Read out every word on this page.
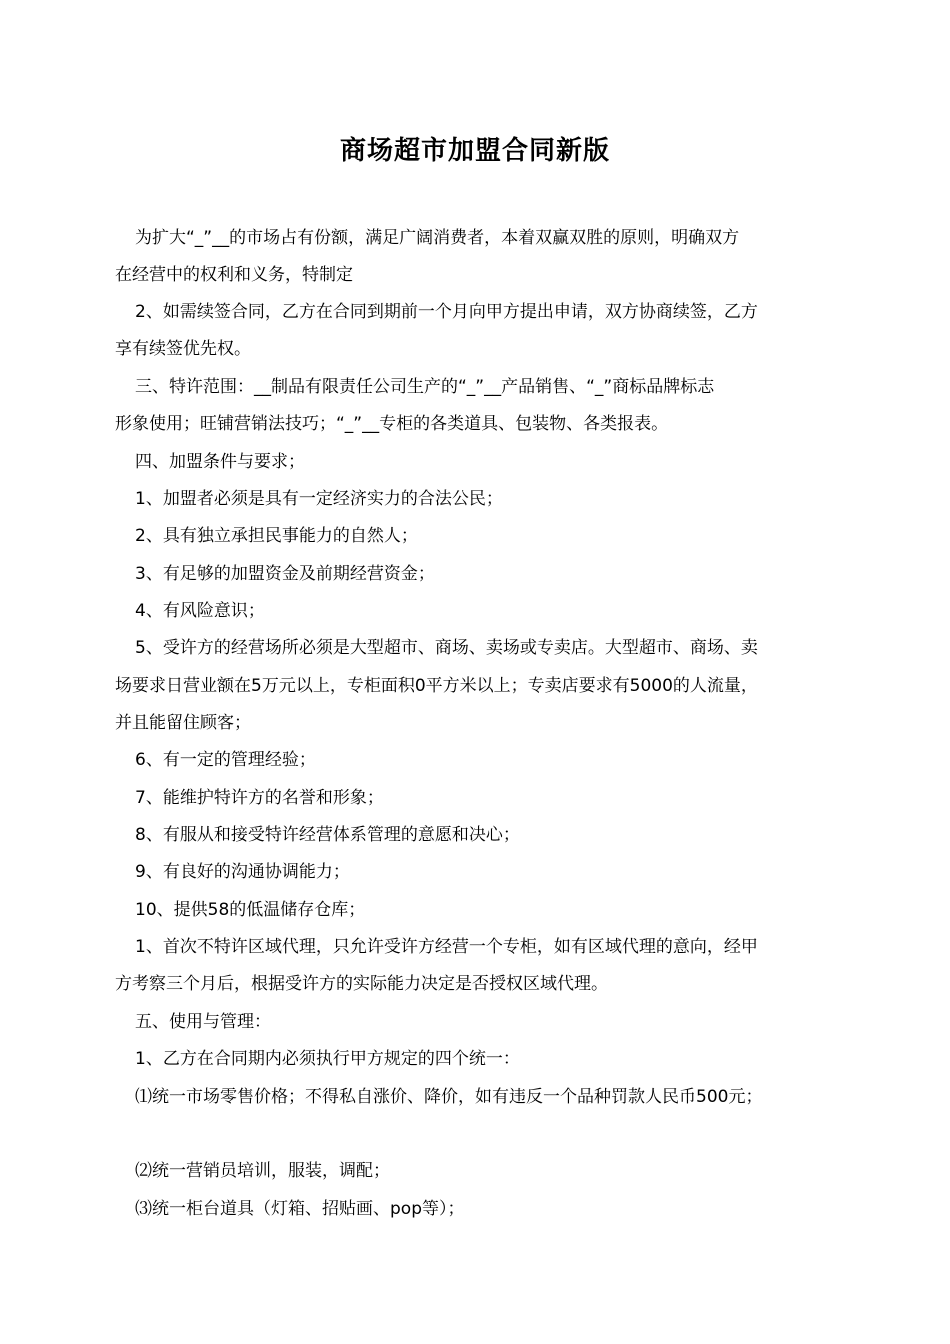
商场超市加盟合同新版
为扩大“_”__的市场占有份额，满足广阔消费者，本着双赢双胜的原则，明确双方
在经营中的权利和义务，特制定
2、如需续签合同，乙方在合同到期前一个月向甲方提出申请，双方协商续签，乙方
享有续签优先权。
三、特许范围：__制品有限责任公司生产的“_”__产品销售、“_”商标品牌标志
形象使用；旺铺营销法技巧；“_”__专柜的各类道具、包装物、各类报表。
四、加盟条件与要求；
1、加盟者必须是具有一定经济实力的合法公民；
2、具有独立承担民事能力的自然人；
3、有足够的加盟资金及前期经营资金；
4、有风险意识；
5、受许方的经营场所必须是大型超市、商场、卖场或专卖店。大型超市、商场、卖
场要求日营业额在5万元以上，专柜面积0平方米以上；专卖店要求有5000的人流量，
并且能留住顾客；
6、有一定的管理经验；
7、能维护特许方的名誉和形象；
8、有服从和接受特许经营体系管理的意愿和决心；
9、有良好的沟通协调能力；
10、提供58的低温储存仓库；
1、首次不特许区域代理，只允许受许方经营一个专柜，如有区域代理的意向，经甲
方考察三个月后，根据受许方的实际能力决定是否授权区域代理。
五、使用与管理：
1、乙方在合同期内必须执行甲方规定的四个统一：
⑴统一市场零售价格；不得私自涨价、降价，如有违反一个品种罚款人民币500元；
⑵统一营销员培训，服装，调配；
⑶统一柜台道具（灯箱、招贴画、pop等）；
